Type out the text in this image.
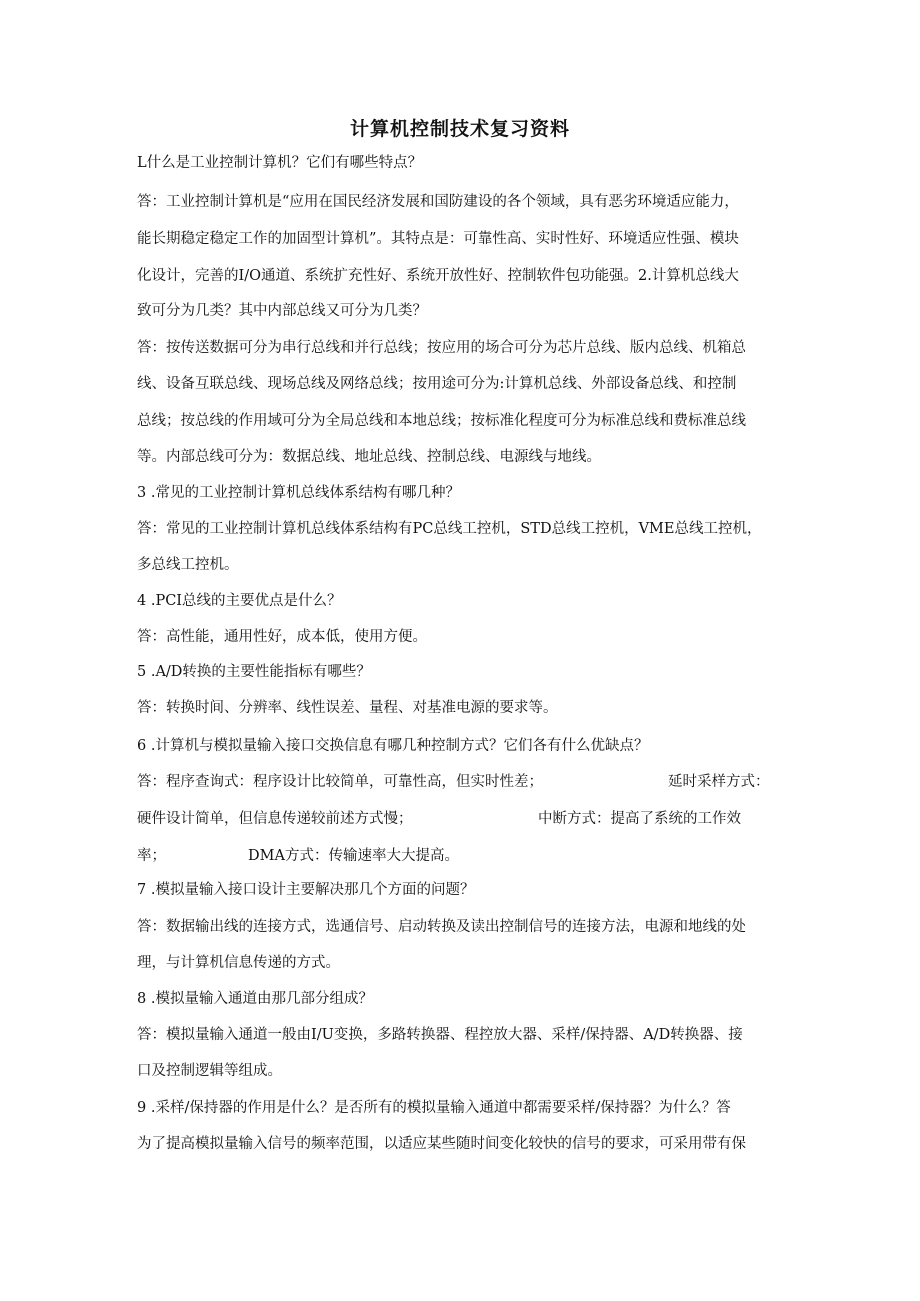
计算机控制技术复习资料

L什么是工业控制计算机？它们有哪些特点？

答：工业控制计算机是“应用在国民经济发展和国防建设的各个领域，具有恶劣环境适应能力，

能长期稳定稳定工作的加固型计算机”。其特点是：可靠性高、实时性好、环境适应性强、模块

化设计，完善的I/O通道、系统扩充性好、系统开放性好、控制软件包功能强。2.计算机总线大

致可分为几类？其中内部总线又可分为几类？

答：按传送数据可分为串行总线和并行总线；按应用的场合可分为芯片总线、版内总线、机箱总

线、设备互联总线、现场总线及网络总线；按用途可分为:计算机总线、外部设备总线、和控制

总线；按总线的作用域可分为全局总线和本地总线；按标准化程度可分为标准总线和费标准总线

等。内部总线可分为：数据总线、地址总线、控制总线、电源线与地线。

3 .常见的工业控制计算机总线体系结构有哪几种？

答：常见的工业控制计算机总线体系结构有PC总线工控机，STD总线工控机，VME总线工控机，

多总线工控机。

4 .PCI总线的主要优点是什么？

答：高性能，通用性好，成本低，使用方便。

5 .A/D转换的主要性能指标有哪些？

答：转换时间、分辨率、线性误差、量程、对基准电源的要求等。

6 .计算机与模拟量输入接口交换信息有哪几种控制方式？它们各有什么优缺点？

答：程序查询式：程序设计比较简单，可靠性高，但实时性差；	延时采样方式：
硬件设计简单，但信息传递较前述方式慢；	中断方式：提高了系统的工作效
率；	DMA方式：传输速率大大提高。

7 .模拟量输入接口设计主要解决那几个方面的问题？

答：数据输出线的连接方式，选通信号、启动转换及读出控制信号的连接方法，电源和地线的处

理，与计算机信息传递的方式。

8 .模拟量输入通道由那几部分组成？

答：模拟量输入通道一般由I/U变换，多路转换器、程控放大器、采样/保持器、A/D转换器、接

口及控制逻辑等组成。

9 .采样/保持器的作用是什么？是否所有的模拟量输入通道中都需要采样/保持器？为什么？答

为了提高模拟量输入信号的频率范围，以适应某些随时间变化较快的信号的要求，可采用带有保
